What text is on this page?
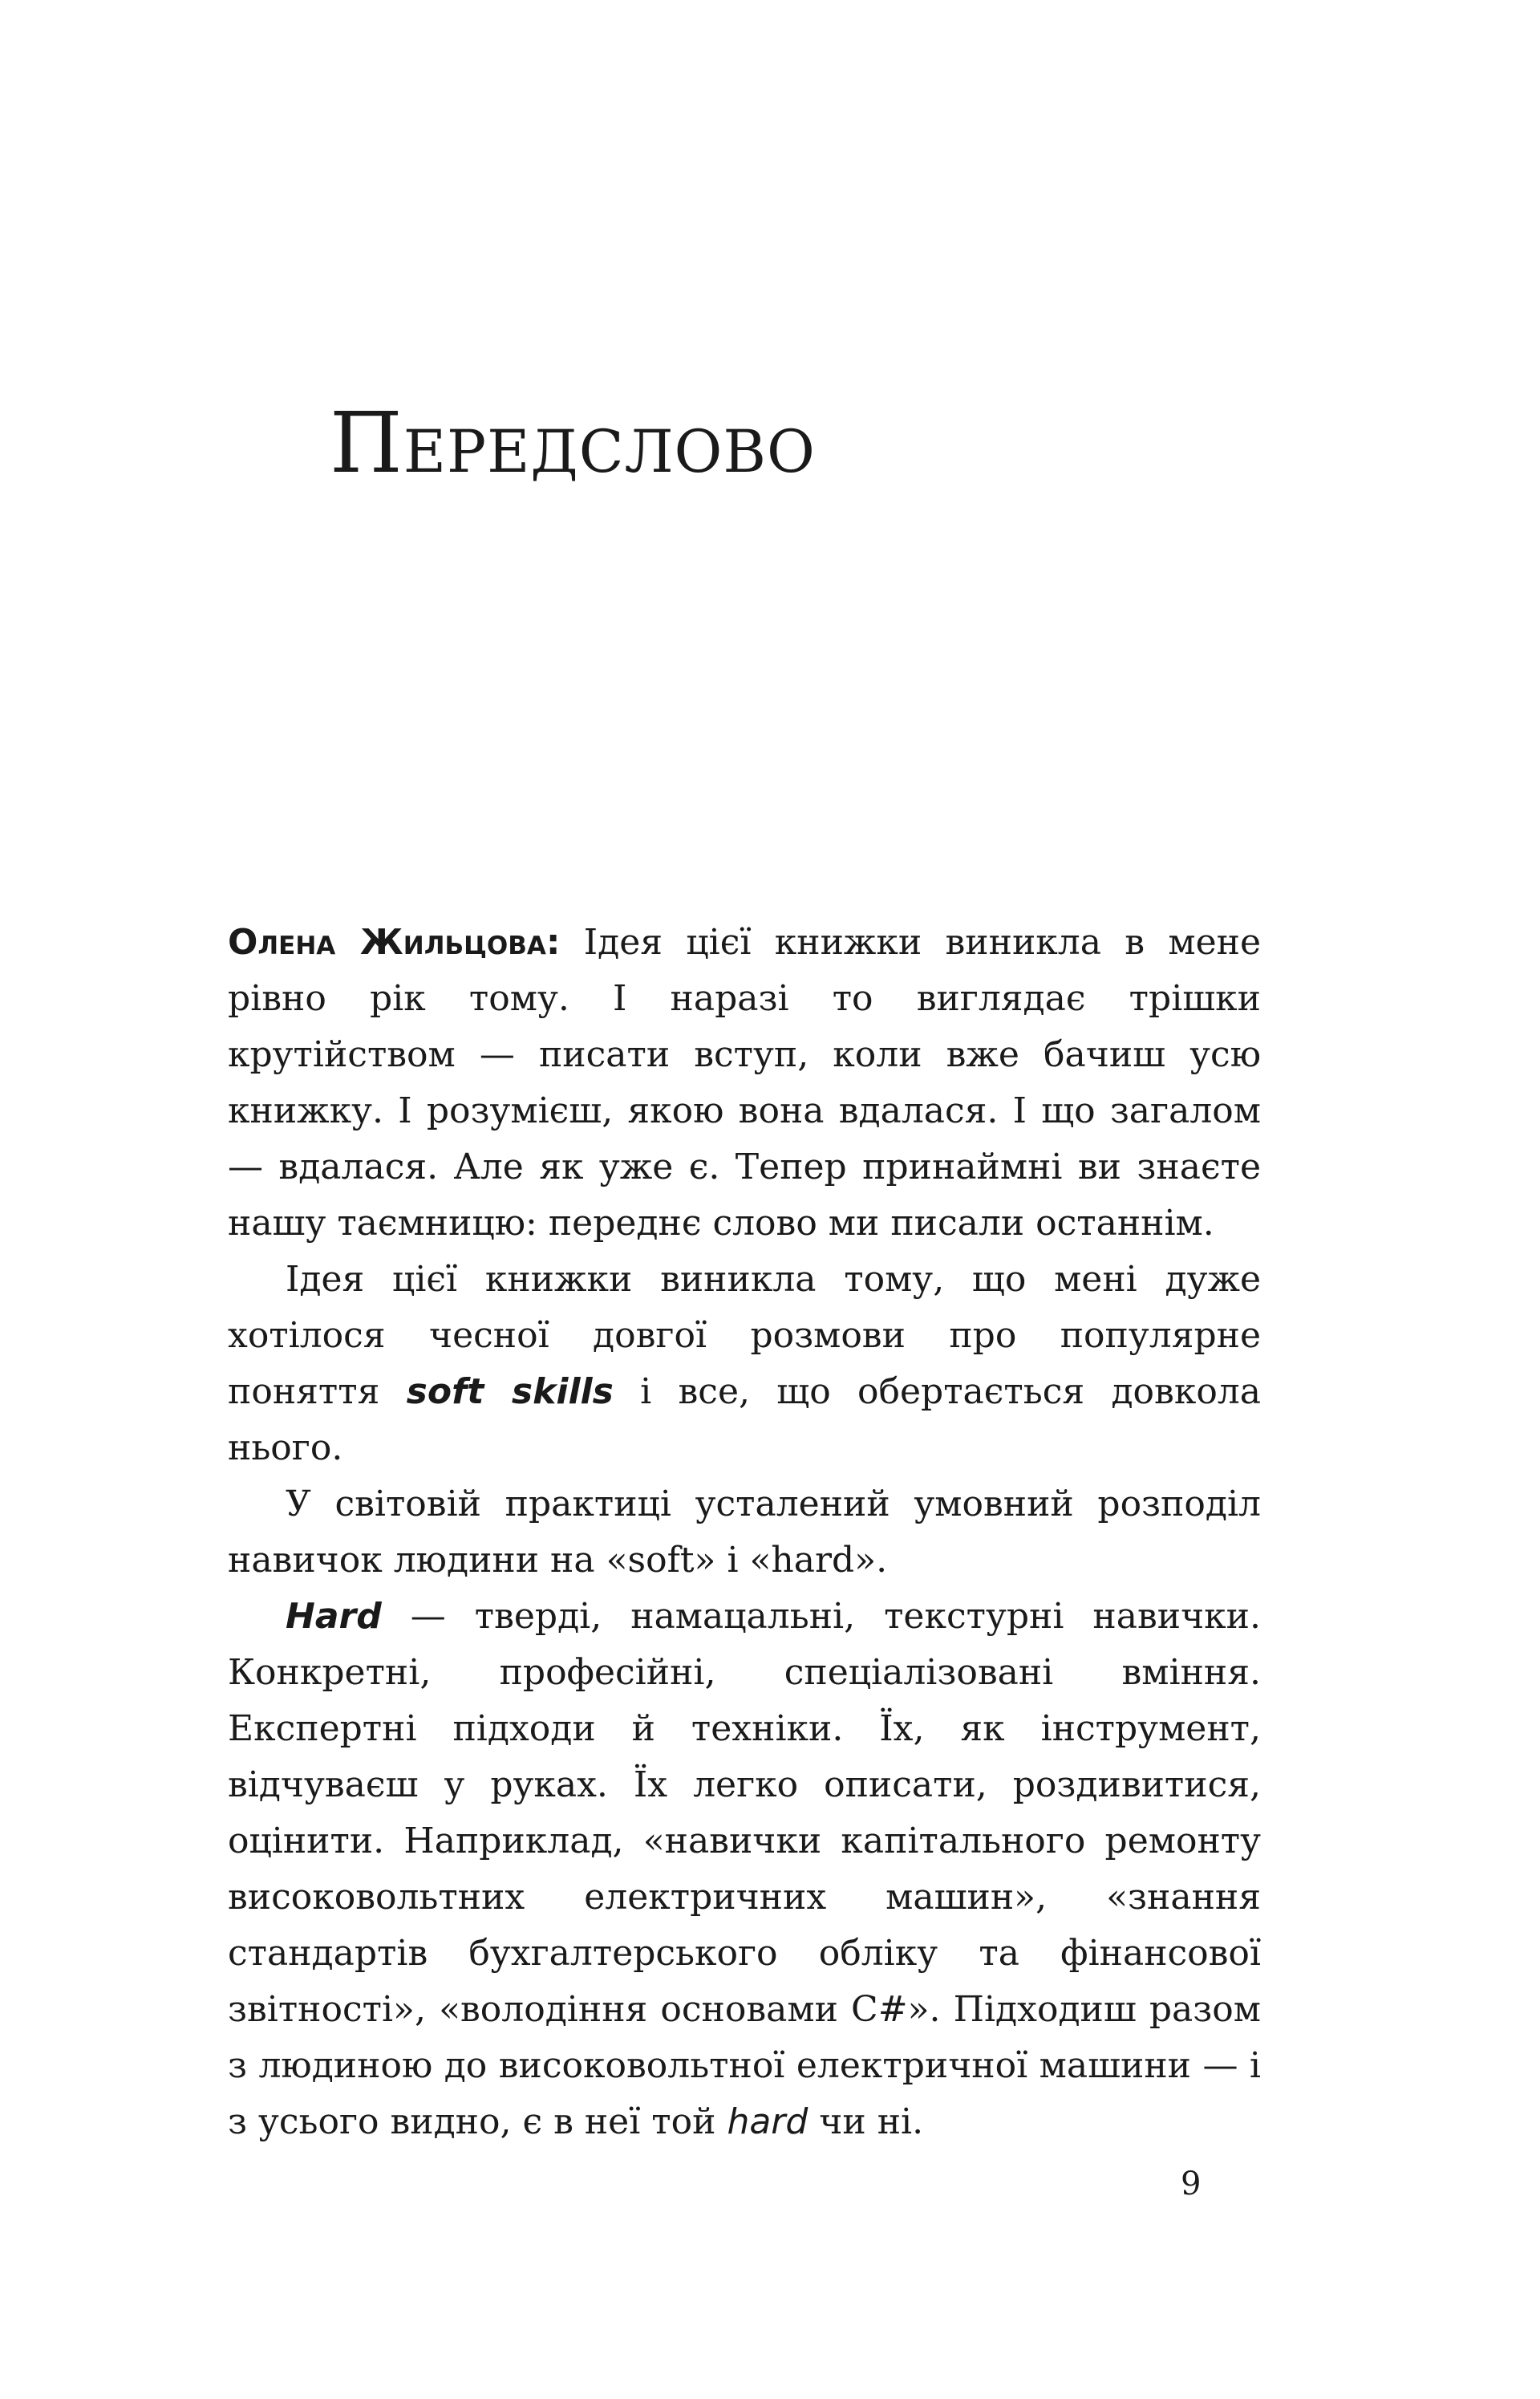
Передслово

Олена Жильцова: Ідея цієї книжки виникла в мене рівно рік тому. І наразі то виглядає трішки крутійством — писати вступ, коли вже бачиш усю книжку. І розумієш, якою вона вдалася. І що загалом — вдалася. Але як уже є. Тепер принаймні ви знаєте нашу таємницю: переднє слово ми писали останнім.

Ідея цієї книжки виникла тому, що мені дуже хотілося чесної довгої розмови про популярне поняття soft skills і все, що обертається довкола нього.

У світовій практиці усталений умовний розподіл навичок людини на «soft» і «hard».

Hard — тверді, намацальні, текстурні навички. Конкретні, професійні, спеціалізовані вміння. Експертні підходи й техніки. Їх, як інструмент, відчуваєш у руках. Їх легко описати, роздивитися, оцінити. Наприклад, «навички капітального ремонту високовольтних електричних машин», «знання стандартів бухгалтерського обліку та фінансової звітності», «володіння основами C#». Підходиш разом з людиною до високовольтної електричної машини — і з усього видно, є в неї той hard чи ні.

9
